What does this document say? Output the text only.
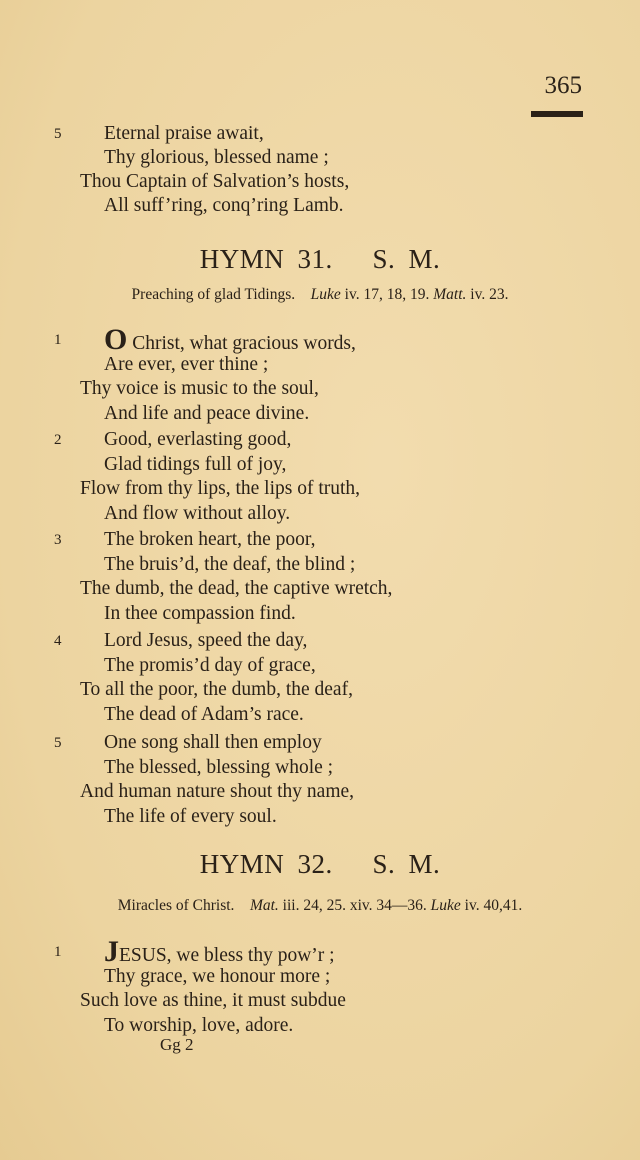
365
5 Eternal praise await,
Thy glorious, blessed name ;
Thou Captain of Salvation’s hosts,
All suff’ring, conq’ring Lamb.
HYMN 31.   S. M.
Preaching of glad Tidings. Luke iv. 17, 18, 19. Matt. iv. 23.
1 O Christ, what gracious words,
Are ever, ever thine ;
Thy voice is music to the soul,
And life and peace divine.
2 Good, everlasting good,
Glad tidings full of joy,
Flow from thy lips, the lips of truth,
And flow without alloy.
3 The broken heart, the poor,
The bruis’d, the deaf, the blind ;
The dumb, the dead, the captive wretch,
In thee compassion find.
4 Lord Jesus, speed the day,
The promis’d day of grace,
To all the poor, the dumb, the deaf,
The dead of Adam’s race.
5 One song shall then employ
The blessed, blessing whole ;
And human nature shout thy name,
The life of every soul.
HYMN 32.   S. M.
Miracles of Christ. Mat. iii. 24, 25. xiv. 34—36. Luke iv. 40,41.
1 JESUS, we bless thy pow’r ;
Thy grace, we honour more ;
Such love as thine, it must subdue
To worship, love, adore.
Gg 2
